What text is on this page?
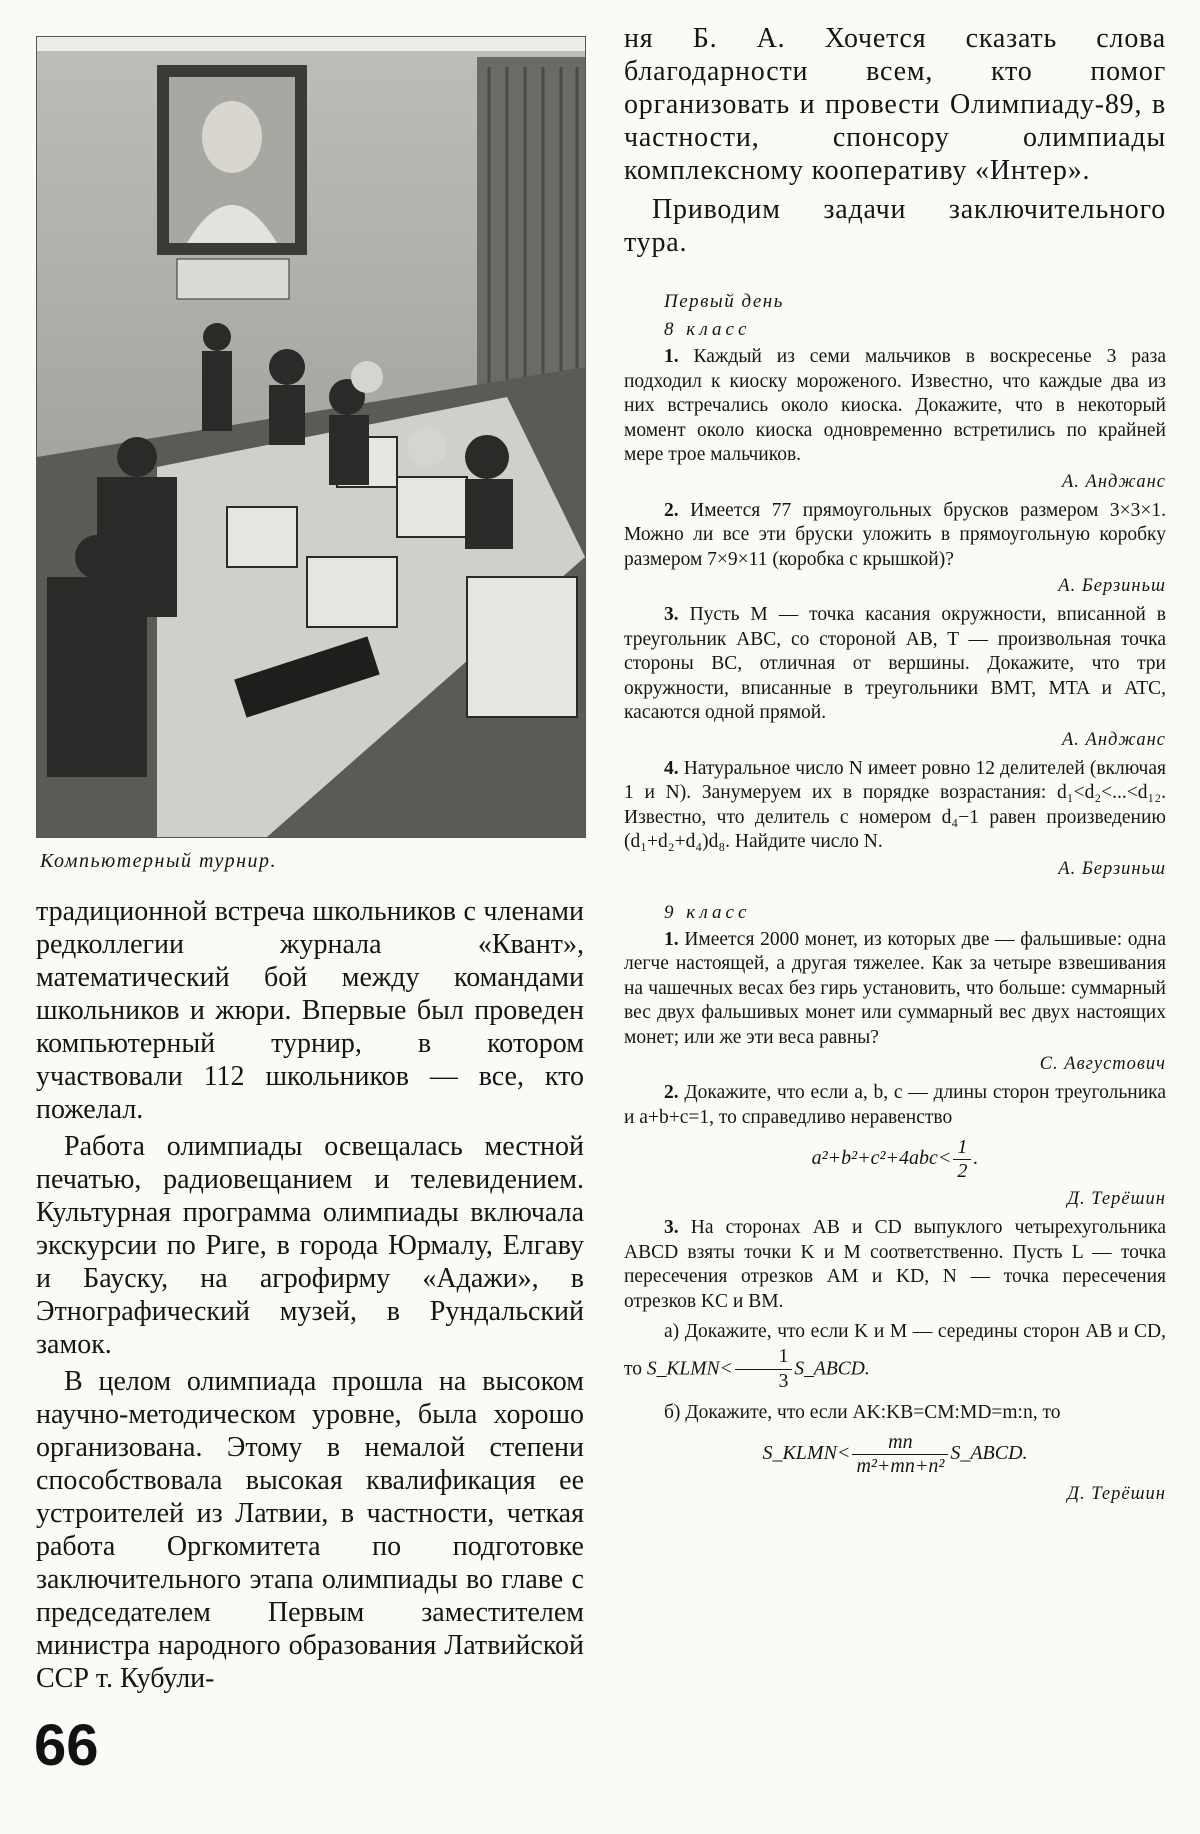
Компьютерный турнир.

традиционной встреча школьников с членами редколлегии журнала «Квант», математический бой между командами школьников и жюри. Впервые был проведен компьютерный турнир, в котором участвовали 112 школьников — все, кто пожелал.

Работа олимпиады освещалась местной печатью, радиовещанием и телевидением. Культурная программа олимпиады включала экскурсии по Риге, в города Юрмалу, Елгаву и Бауску, на агрофирму «Адажи», в Этнографический музей, в Рундальский замок.

В целом олимпиада прошла на высоком научно-методическом уровне, была хорошо организована. Этому в немалой степени способствовала высокая квалификация ее устроителей из Латвии, в частности, четкая работа Оргкомитета по подготовке заключительного этапа олимпиады во главе с председателем Первым заместителем министра народного образования Латвийской ССР т. Кубули-

66

ня Б. А. Хочется сказать слова благодарности всем, кто помог организовать и провести Олимпиаду-89, в частности, спонсору олимпиады комплексному кооперативу «Интер».

Приводим задачи заключительного тура.

Первый день
8 класс

1. Каждый из семи мальчиков в воскресенье 3 раза подходил к киоску мороженого. Известно, что каждые два из них встречались около киоска. Докажите, что в некоторый момент около киоска одновременно встретились по крайней мере трое мальчиков.

А. Анджанс

2. Имеется 77 прямоугольных брусков размером 3×3×1. Можно ли все эти бруски уложить в прямоугольную коробку размером 7×9×11 (коробка с крышкой)?

А. Берзиньш

3. Пусть M — точка касания окружности, вписанной в треугольник ABC, со стороной AB, T — произвольная точка стороны BC, отличная от вершины. Докажите, что три окружности, вписанные в треугольники BMT, MTA и ATC, касаются одной прямой.

А. Анджанс

4. Натуральное число N имеет ровно 12 делителей (включая 1 и N). Занумеруем их в порядке возрастания: d₁<d₂<...<d₁₂. Известно, что делитель с номером d₄−1 равен произведению (d₁+d₂+d₄)d₈. Найдите число N.

А. Берзиньш
9 класс

1. Имеется 2000 монет, из которых две — фальшивые: одна легче настоящей, а другая тяжелее. Как за четыре взвешивания на чашечных весах без гирь установить, что больше: суммарный вес двух фальшивых монет или суммарный вес двух настоящих монет; или же эти веса равны?

С. Августович

2. Докажите, что если a, b, c — длины сторон треугольника и a+b+c=1, то справедливо неравенство

$a^2+b^2+c^2+4abc< \frac{1}{2}$ .
Д. Терёшин

3. На сторонах AB и CD выпуклого четырехугольника ABCD взяты точки K и M соответственно. Пусть L — точка пересечения отрезков AM и KD, N — точка пересечения отрезков KC и BM.

а) Докажите, что если K и M — середины сторон AB и CD, то S_KLMN< $\frac{1}{3}$ S_ABCD.

б) Докажите, что если AK:KB=CM:MD=m:n, то

S_KLMN< $\frac{mn}{\text{m²+mn+n²}}$ S_ABCD.
Д. Терёшин
